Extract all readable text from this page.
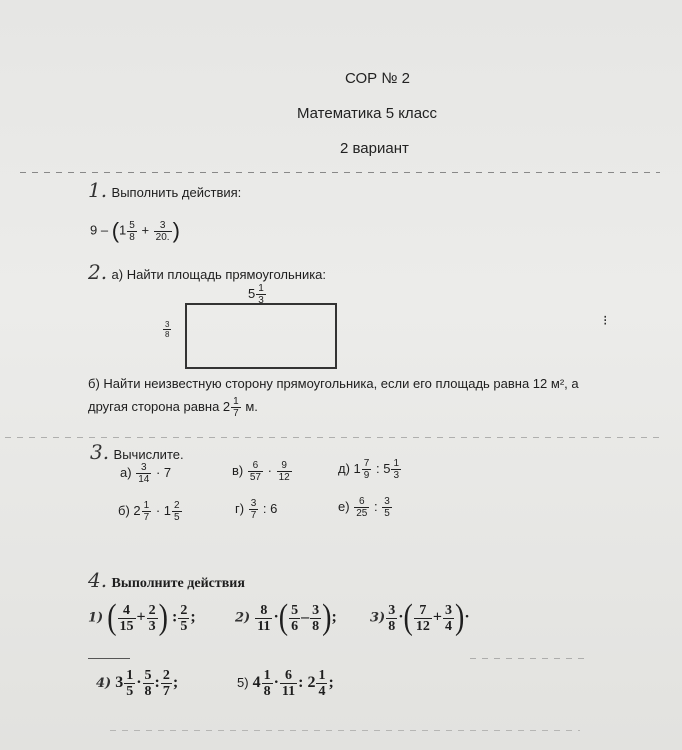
СОР № 2
Математика 5 класс
2 вариант
1. Выполнить действия:
$9 - (1 \frac{5}{8} + \frac{3}{20.}$ )
2. а) Найти площадь прямоугольника:
$5 \frac{1}{3}$
$\frac{3}{8}$	⁝
б) Найти неизвестную сторону прямоугольника, если его площадь равна 12 м², а
другая сторона равна $2 \frac{1}{7} м$.
3. Вычислите.
$а) \frac{3}{14} \cdot 7$	$в) \frac{6}{57} \cdot \frac{9}{12}$	д) $1 \frac{7}{9}$ : $5 \frac{1}{3}$
б) $2 \frac{1}{7} \cdot 1 \frac{2}{5}$	$г) \frac{3}{7}$ : 6	$е) \frac{6}{25}$ : $\frac{3}{5}$
4. Выполните действия
1) ( $\frac{4}{15} + \frac{2}{3}$ ) : $\frac{2}{5}$ ;	$2) \frac{8}{11}$ ·( $\frac{5}{6} - \frac{3}{8}$ );	$3) \frac{3}{8}$ ·( $\frac{7}{12} + \frac{3}{4}$ )·
4) $3 \frac{1}{5} \cdot \frac{5}{8}$ : $\frac{2}{7}$ ;	5) $4 \frac{1}{8} \cdot \frac{6}{11}$ : $2 \frac{1}{4}$ ;
